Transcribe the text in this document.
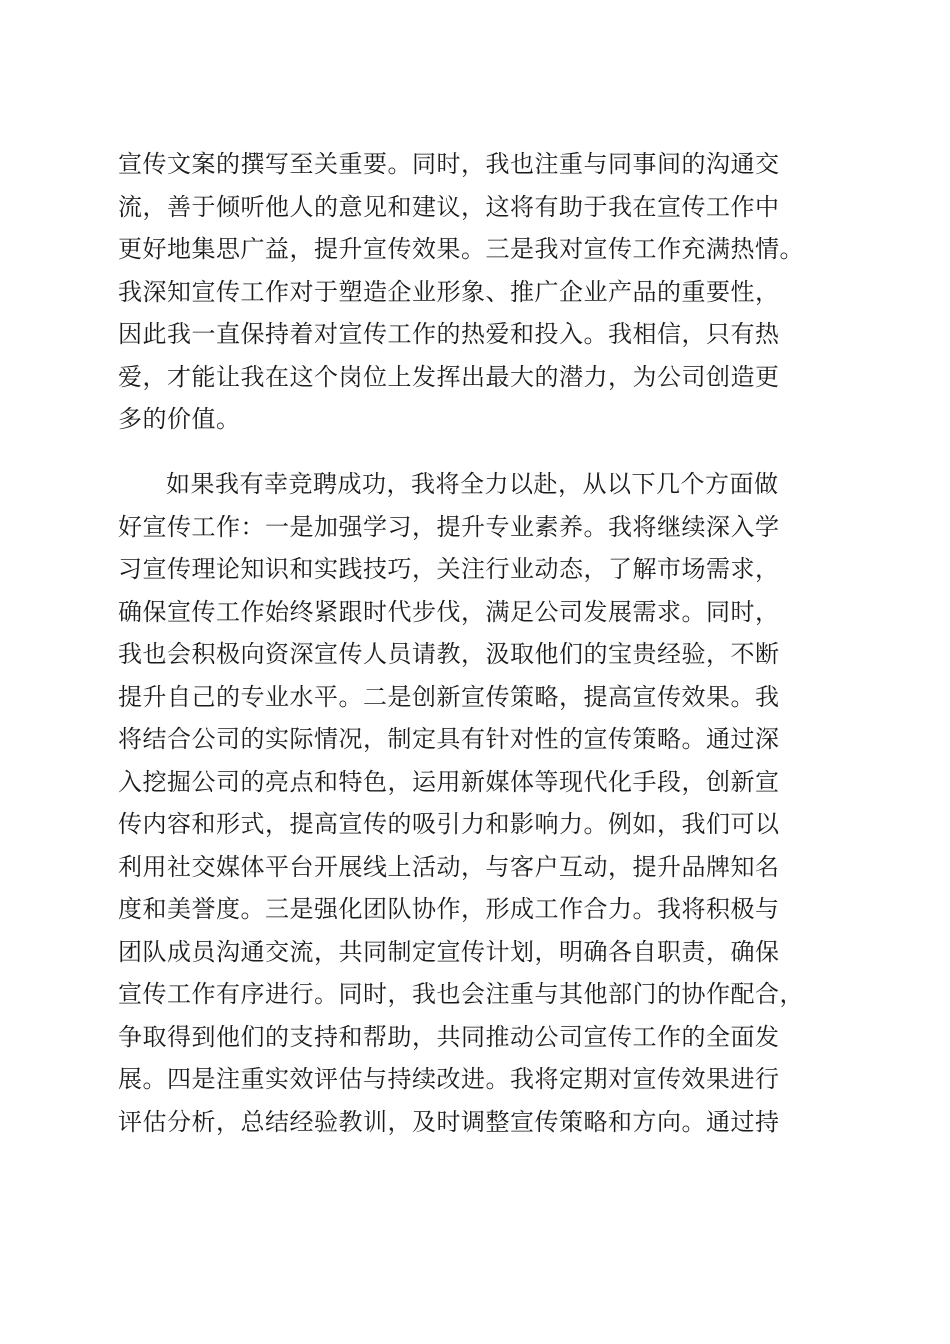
宣传文案的撰写至关重要。同时，我也注重与同事间的沟通交
流，善于倾听他人的意见和建议，这将有助于我在宣传工作中
更好地集思广益，提升宣传效果。三是我对宣传工作充满热情。
我深知宣传工作对于塑造企业形象、推广企业产品的重要性，
因此我一直保持着对宣传工作的热爱和投入。我相信，只有热
爱，才能让我在这个岗位上发挥出最大的潜力，为公司创造更
多的价值。
如果我有幸竞聘成功，我将全力以赴，从以下几个方面做
好宣传工作：一是加强学习，提升专业素养。我将继续深入学
习宣传理论知识和实践技巧，关注行业动态，了解市场需求，
确保宣传工作始终紧跟时代步伐，满足公司发展需求。同时，
我也会积极向资深宣传人员请教，汲取他们的宝贵经验，不断
提升自己的专业水平。二是创新宣传策略，提高宣传效果。我
将结合公司的实际情况，制定具有针对性的宣传策略。通过深
入挖掘公司的亮点和特色，运用新媒体等现代化手段，创新宣
传内容和形式，提高宣传的吸引力和影响力。例如，我们可以
利用社交媒体平台开展线上活动，与客户互动，提升品牌知名
度和美誉度。三是强化团队协作，形成工作合力。我将积极与
团队成员沟通交流，共同制定宣传计划，明确各自职责，确保
宣传工作有序进行。同时，我也会注重与其他部门的协作配合，
争取得到他们的支持和帮助，共同推动公司宣传工作的全面发
展。四是注重实效评估与持续改进。我将定期对宣传效果进行
评估分析，总结经验教训，及时调整宣传策略和方向。通过持
